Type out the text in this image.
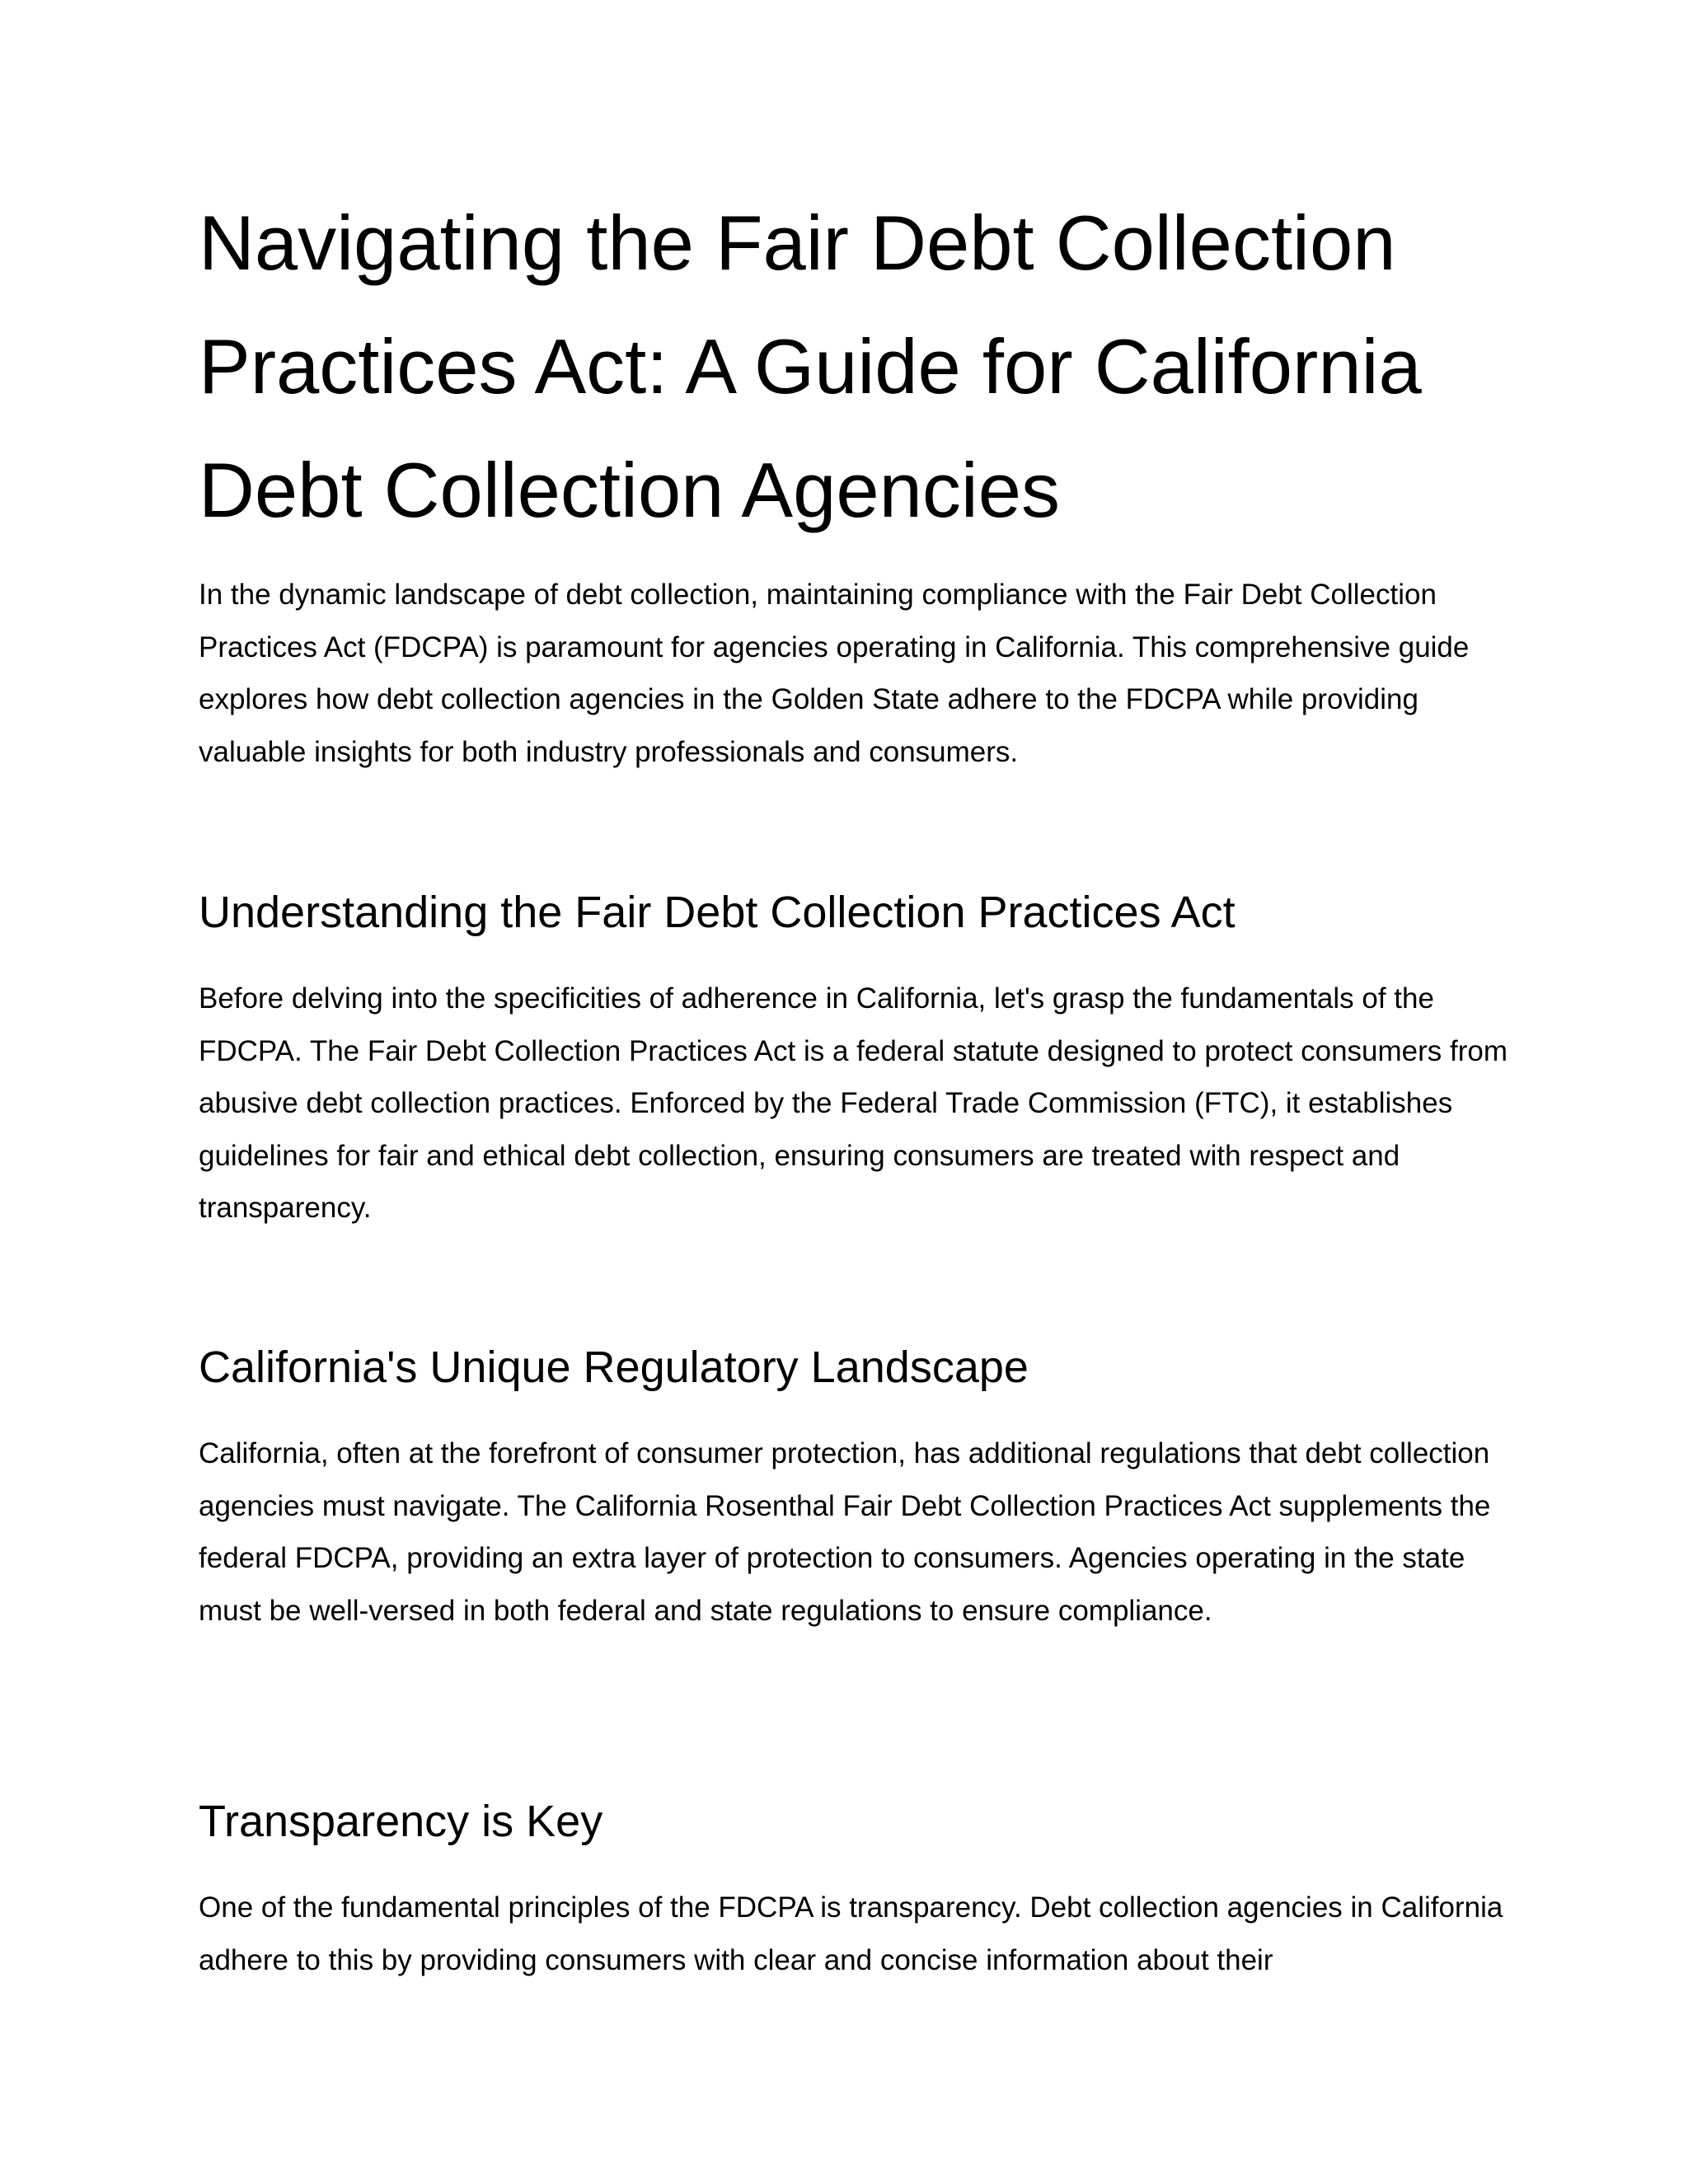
Navigating the Fair Debt Collection Practices Act: A Guide for California Debt Collection Agencies

In the dynamic landscape of debt collection, maintaining compliance with the Fair Debt Collection Practices Act (FDCPA) is paramount for agencies operating in California. This comprehensive guide explores how debt collection agencies in the Golden State adhere to the FDCPA while providing valuable insights for both industry professionals and consumers.

Understanding the Fair Debt Collection Practices Act

Before delving into the specificities of adherence in California, let's grasp the fundamentals of the FDCPA. The Fair Debt Collection Practices Act is a federal statute designed to protect consumers from abusive debt collection practices. Enforced by the Federal Trade Commission (FTC), it establishes guidelines for fair and ethical debt collection, ensuring consumers are treated with respect and transparency.

California's Unique Regulatory Landscape

California, often at the forefront of consumer protection, has additional regulations that debt collection agencies must navigate. The California Rosenthal Fair Debt Collection Practices Act supplements the federal FDCPA, providing an extra layer of protection to consumers. Agencies operating in the state must be well-versed in both federal and state regulations to ensure compliance.

Transparency is Key

One of the fundamental principles of the FDCPA is transparency. Debt collection agencies in California adhere to this by providing consumers with clear and concise information about their
